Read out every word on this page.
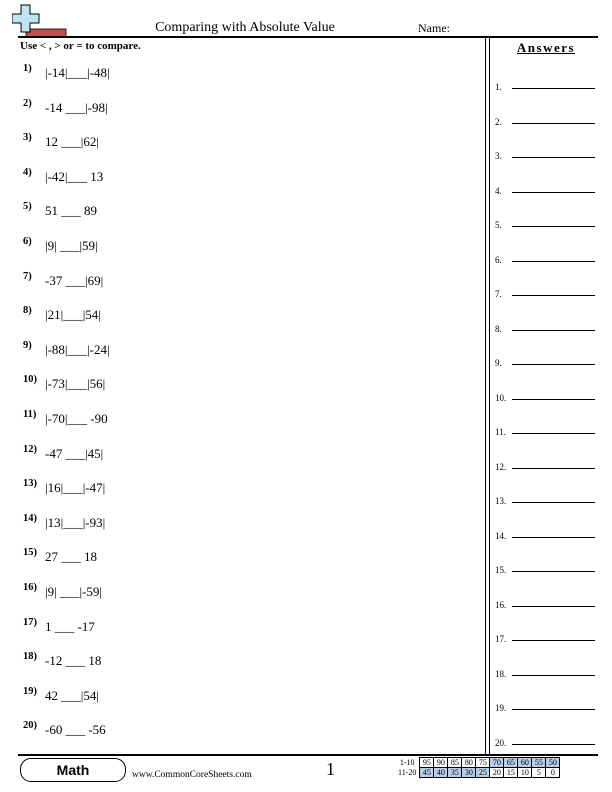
Comparing with Absolute Value	Name:
Use < , > or = to compare.
1) |-14|___|-48|
2) -14 ___|-98|
3) 12 ___|62|
4) |-42|___ 13
5) 51 ___ 89
6) |9| ___|59|
7) -37 ___|69|
8) |21|___|54|
9) |-88|___|-24|
10) |-73|___|56|
11) |-70|___ -90
12) -47 ___|45|
13) |16|___|-47|
14) |13|___|-93|
15) 27 ___ 18
16) |9| ___|-59|
17) 1 ___ -17
18) -12 ___ 18
19) 42 ___|54|
20) -60 ___ -56
Answers
1.
2.
3.
4.
5.
6.
7.
8.
9.
10.
11.
12.
13.
14.
15.
16.
17.
18.
19.
20.
Math	www.CommonCoreSheets.com	1	1-10	95	90	85	80	75	70	65	60	55	50
11-20	45	40	35	30	25	20	15	10	5	0
